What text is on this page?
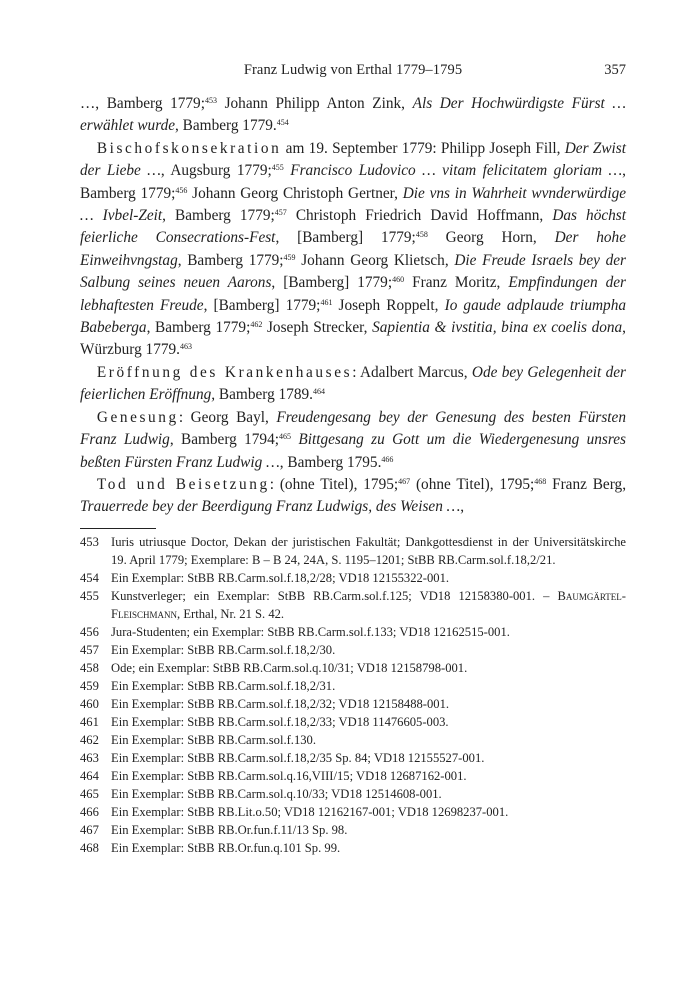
Franz Ludwig von Erthal 1779–1795	357

…, Bamberg 1779;$^{453}$ Johann Philipp Anton Zink, Als Der Hochwürdigste Fürst … erwählet wurde, Bamberg 1779.$^{454}$

Bischofskonsekration am 19. September 1779: Philipp Joseph Fill, Der Zwist der Liebe …, Augsburg 1779;$^{455}$ Francisco Ludovico … vitam felicitatem gloriam …, Bamberg 1779;$^{456}$ Johann Georg Christoph Gertner, Die vns in Wahrheit wvnderwürdige … Ivbel-Zeit, Bamberg 1779;$^{457}$ Christoph Friedrich David Hoffmann, Das höchst feierliche Consecrations-Fest, [Bamberg] 1779;$^{458}$ Georg Horn, Der hohe Einweihvngstag, Bamberg 1779;$^{459}$ Johann Georg Klietsch, Die Freude Israels bey der Salbung seines neuen Aarons, [Bamberg] 1779;$^{460}$ Franz Moritz, Empfindungen der lebhaftesten Freude, [Bamberg] 1779;$^{461}$ Joseph Roppelt, Io gaude adplaude triumpha Babeberga, Bamberg 1779;$^{462}$ Joseph Strecker, Sapientia & ivstitia, bina ex coelis dona, Würzburg 1779.$^{463}$

Eröffnung des Krankenhauses: Adalbert Marcus, Ode bey Gelegenheit der feierlichen Eröffnung, Bamberg 1789.$^{464}$

Genesung: Georg Bayl, Freudengesang bey der Genesung des besten Fürsten Franz Ludwig, Bamberg 1794;$^{465}$ Bittgesang zu Gott um die Wiedergenesung unsres beßten Fürsten Franz Ludwig …, Bamberg 1795.$^{466}$

Tod und Beisetzung: (ohne Titel), 1795;$^{467}$ (ohne Titel), 1795;$^{468}$ Franz Berg, Trauerrede bey der Beerdigung Franz Ludwigs, des Weisen …,

453 Iuris utriusque Doctor, Dekan der juristischen Fakultät; Dankgottesdienst in der Universitätskirche 19. April 1779; Exemplare: B – B 24, 24A, S. 1195–1201; StBB RB.Carm.sol.f.18,2/21.
454 Ein Exemplar: StBB RB.Carm.sol.f.18,2/28; VD18 12155322-001.
455 Kunstverleger; ein Exemplar: StBB RB.Carm.sol.f.125; VD18 12158380-001. – Baumgärtel-Fleischmann, Erthal, Nr. 21 S. 42.
456 Jura-Studenten; ein Exemplar: StBB RB.Carm.sol.f.133; VD18 12162515-001.
457 Ein Exemplar: StBB RB.Carm.sol.f.18,2/30.
458 Ode; ein Exemplar: StBB RB.Carm.sol.q.10/31; VD18 12158798-001.
459 Ein Exemplar: StBB RB.Carm.sol.f.18,2/31.
460 Ein Exemplar: StBB RB.Carm.sol.f.18,2/32; VD18 12158488-001.
461 Ein Exemplar: StBB RB.Carm.sol.f.18,2/33; VD18 11476605-003.
462 Ein Exemplar: StBB RB.Carm.sol.f.130.
463 Ein Exemplar: StBB RB.Carm.sol.f.18,2/35 Sp. 84; VD18 12155527-001.
464 Ein Exemplar: StBB RB.Carm.sol.q.16,VIII/15; VD18 12687162-001.
465 Ein Exemplar: StBB RB.Carm.sol.q.10/33; VD18 12514608-001.
466 Ein Exemplar: StBB RB.Lit.o.50; VD18 12162167-001; VD18 12698237-001.
467 Ein Exemplar: StBB RB.Or.fun.f.11/13 Sp. 98.
468 Ein Exemplar: StBB RB.Or.fun.q.101 Sp. 99.
